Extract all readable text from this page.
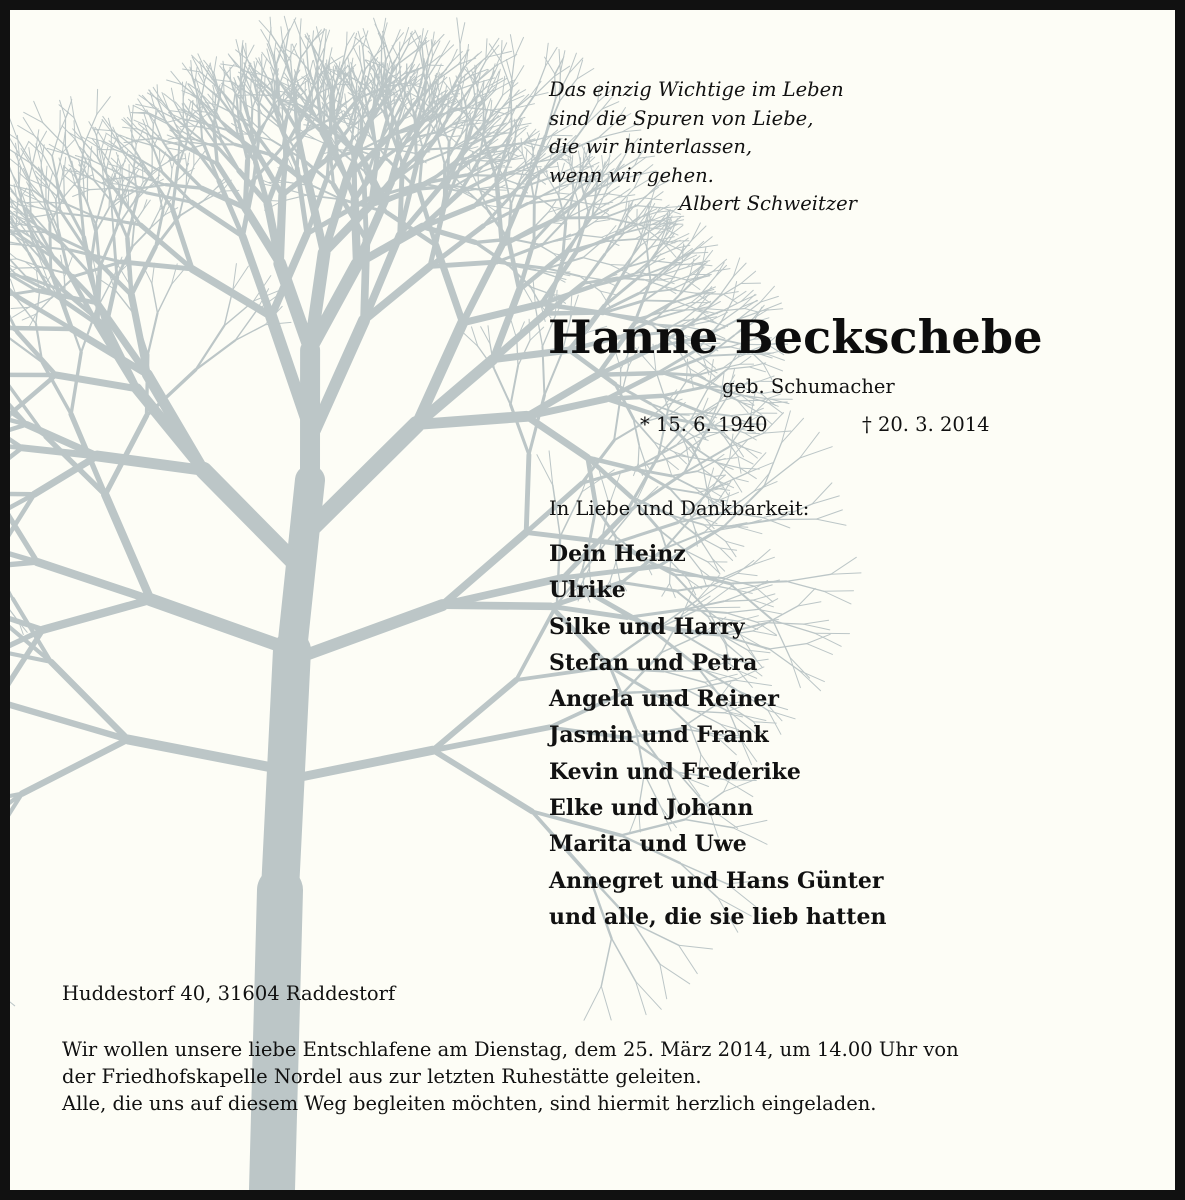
Das einzig Wichtige im Leben
sind die Spuren von Liebe,
die wir hinterlassen,
wenn wir gehen.
Albert Schweitzer
Hanne Beckschebe
geb. Schumacher
* 15. 6. 1940	† 20. 3. 2014
In Liebe und Dankbarkeit:
Dein Heinz
Ulrike
Silke und Harry
Stefan und Petra
Angela und Reiner
Jasmin und Frank
Kevin und Frederike
Elke und Johann
Marita und Uwe
Annegret und Hans Günter
und alle, die sie lieb hatten
Huddestorf 40, 31604 Raddestorf
Wir wollen unsere liebe Entschlafene am Dienstag, dem 25. März 2014, um 14.00 Uhr von
der Friedhofskapelle Nordel aus zur letzten Ruhestätte geleiten.
Alle, die uns auf diesem Weg begleiten möchten, sind hiermit herzlich eingeladen.
